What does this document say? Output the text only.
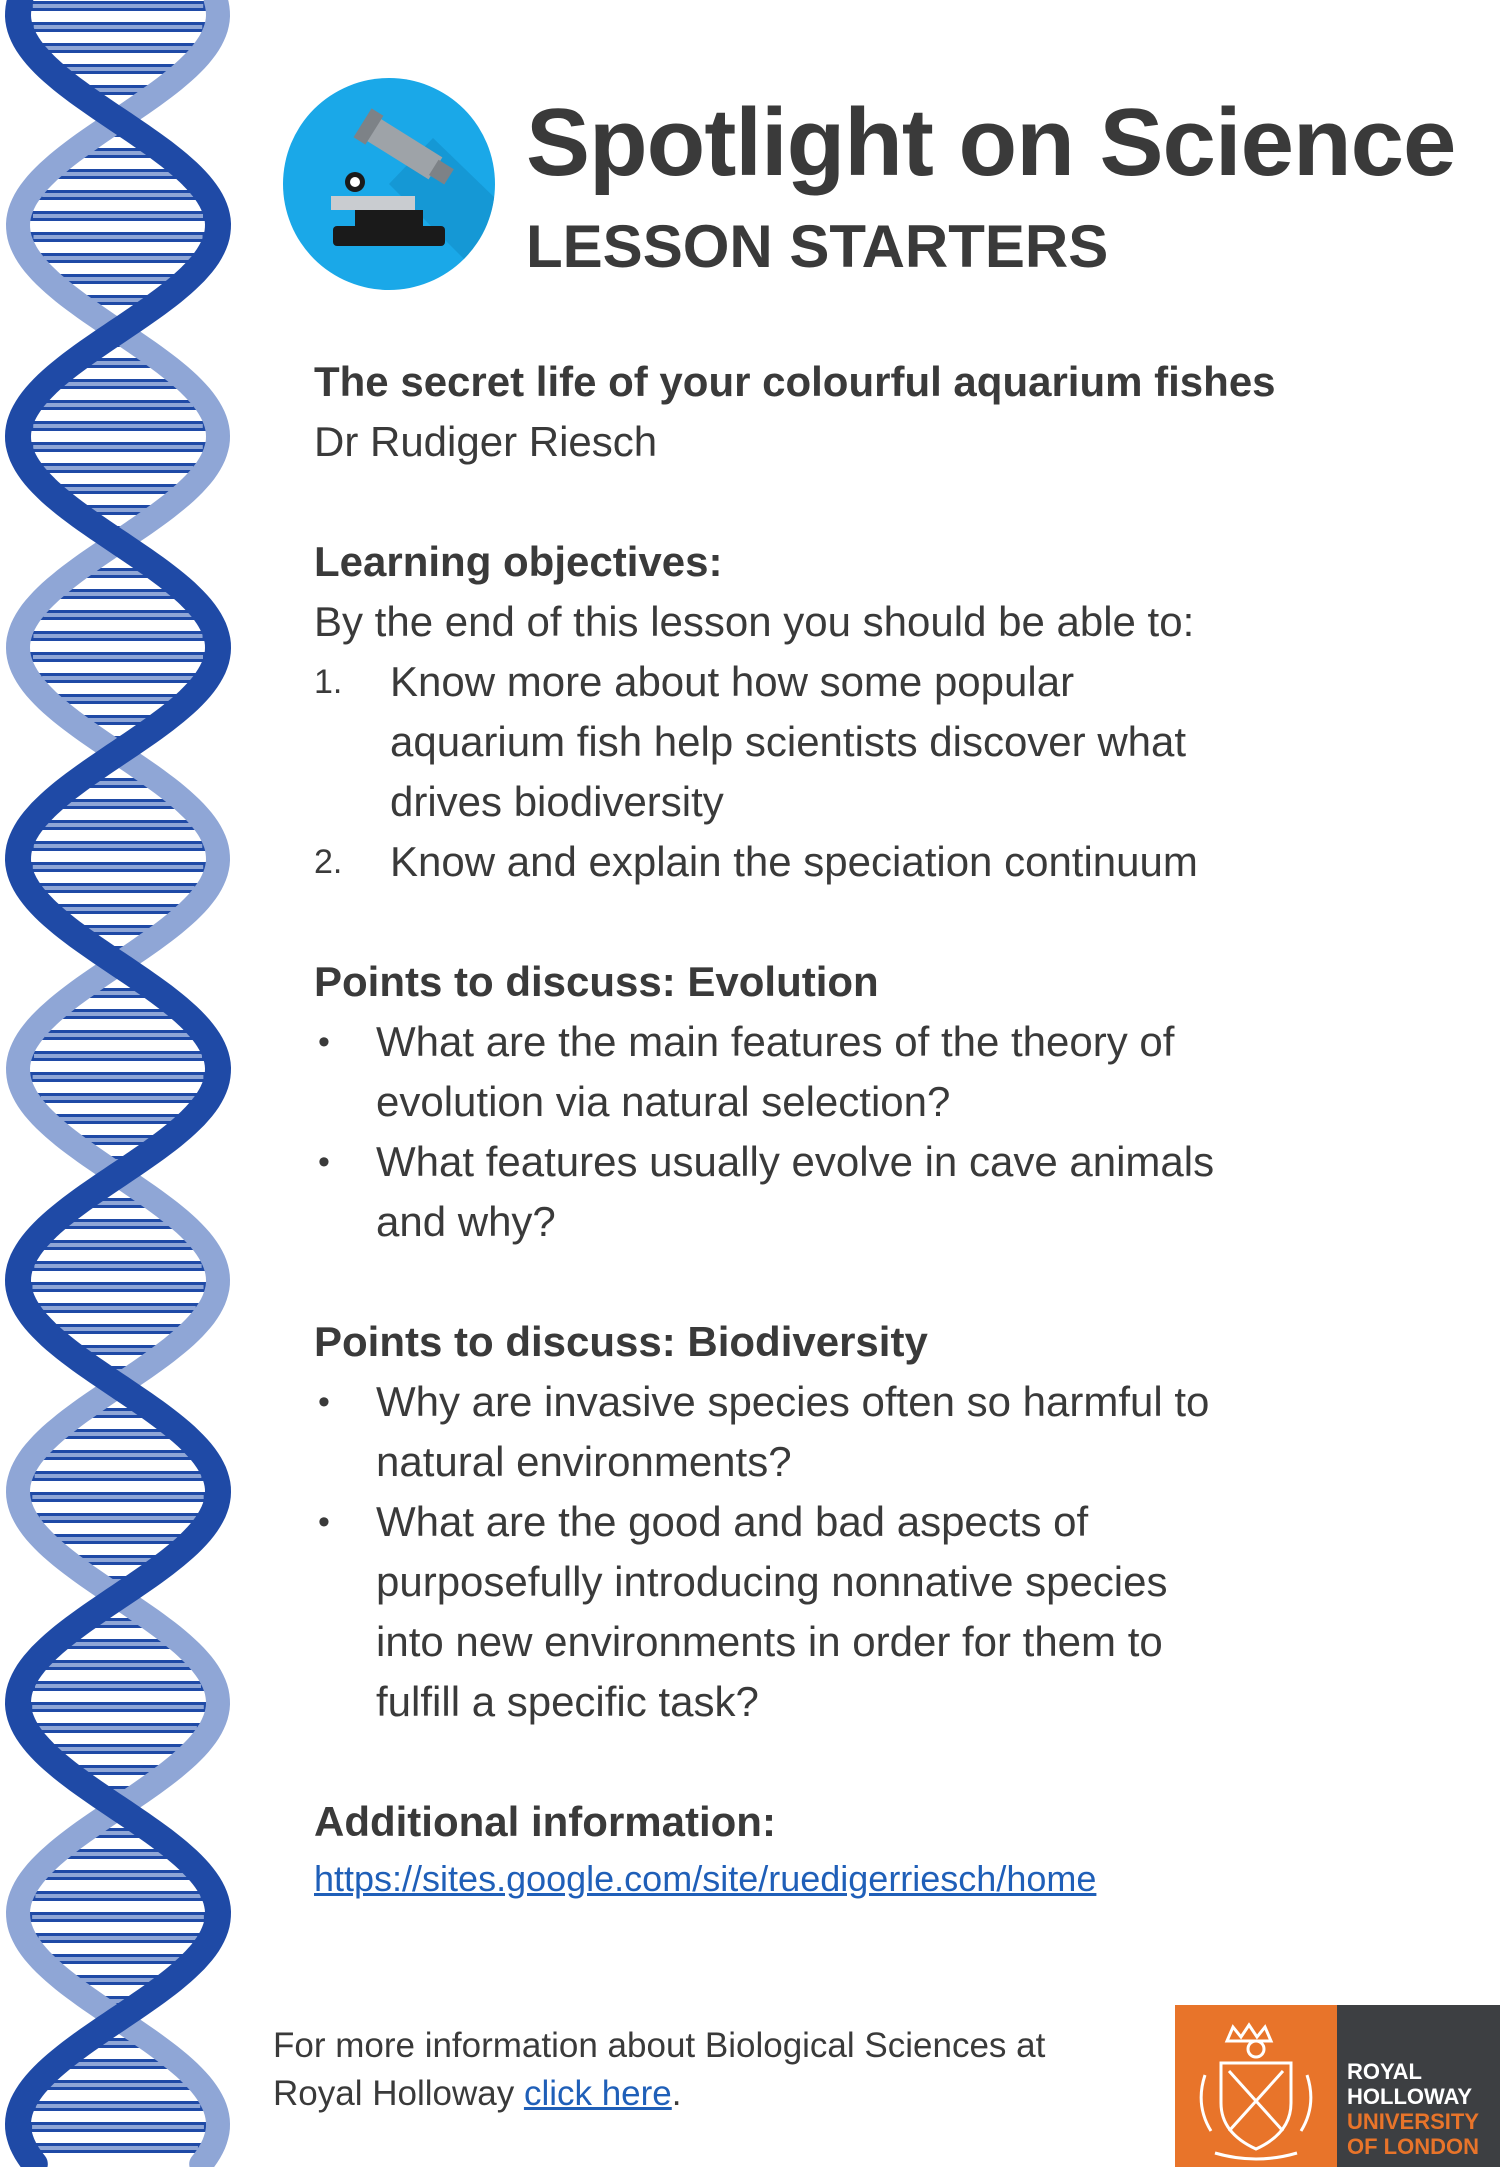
Spotlight on Science
LESSON STARTERS

The secret life of your colourful aquarium fishes

Dr Rudiger Riesch

Learning objectives:

By the end of this lesson you should be able to:

1. Know more about how some popular
aquarium fish help scientists discover what
drives biodiversity
2. Know and explain the speciation continuum

Points to discuss: Evolution

• What are the main features of the theory of
evolution via natural selection?
• What features usually evolve in cave animals
and why?

Points to discuss: Biodiversity

• Why are invasive species often so harmful to
natural environments?
• What are the good and bad aspects of
purposefully introducing nonnative species
into new environments in order for them to
fulfill a specific task?

Additional information:

https://sites.google.com/site/ruedigerriesch/home

For more information about Biological Sciences at
Royal Holloway click here.

ROYAL
HOLLOWAY
UNIVERSITY
OF LONDON
